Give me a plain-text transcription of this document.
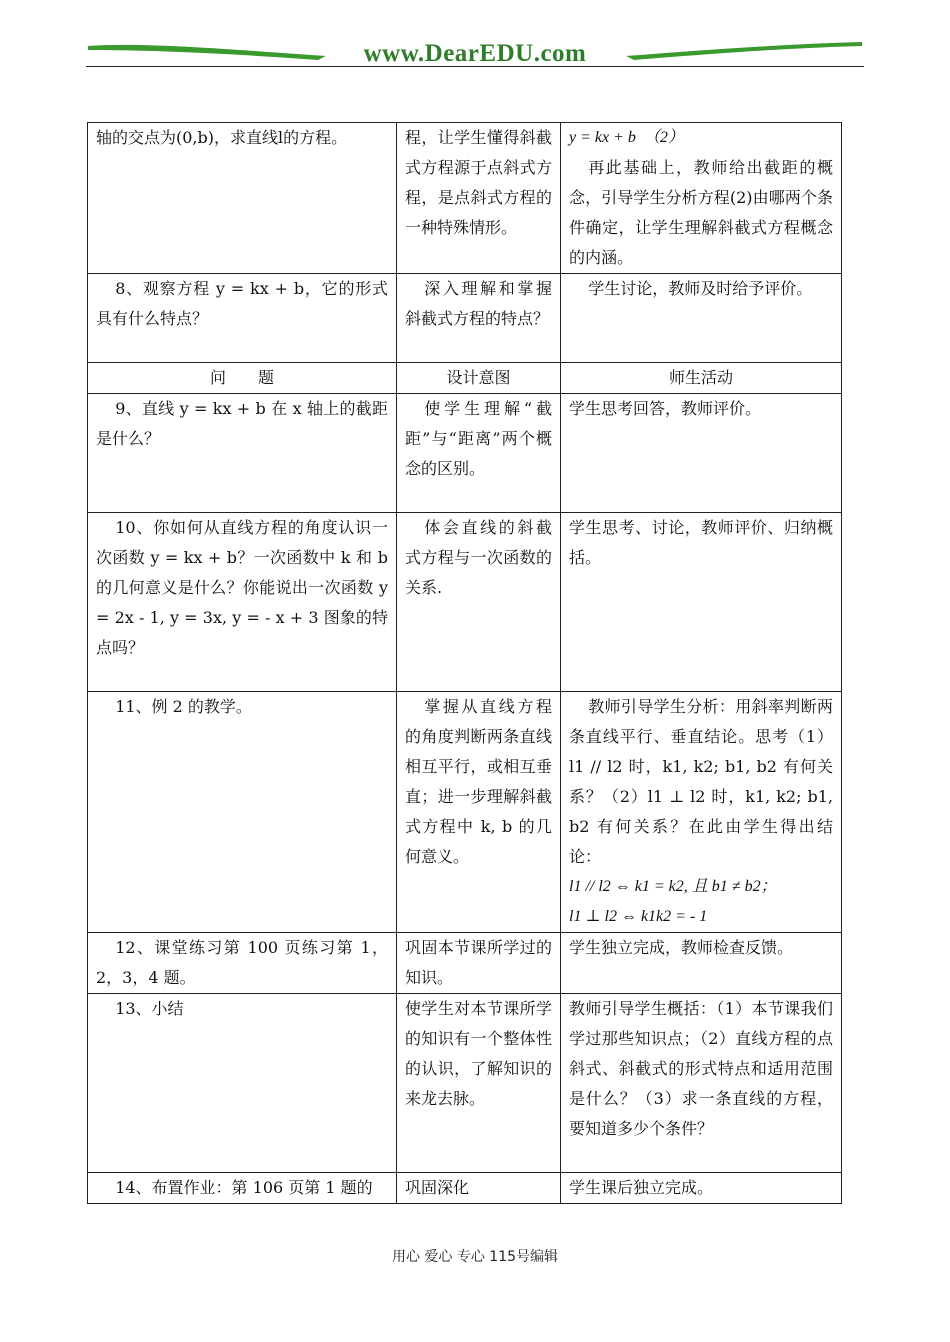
www.DearEDU.com
轴的交点为(0,b)，求直线l的方程。	程，让学生懂得斜截式方程源于点斜式方程，是点斜式方程的一种特殊情形。	y = kx + b　（2）
再此基础上，教师给出截距的概念，引导学生分析方程(2)由哪两个条件确定，让学生理解斜截式方程概念的内涵。

8、观察方程 y = kx + b，它的形式具有什么特点？	深入理解和掌握斜截式方程的特点？	学生讨论，教师及时给予评价。
问　　题	设计意图	师生活动
9、直线 y = kx + b 在 x 轴上的截距是什么？	使学生理解“截距”与“距离”两个概念的区别。	学生思考回答，教师评价。
10、你如何从直线方程的角度认识一次函数 y = kx + b？一次函数中 k 和 b 的几何意义是什么？你能说出一次函数 y = 2x - 1, y = 3x, y = - x + 3 图象的特点吗？	体会直线的斜截式方程与一次函数的关系.	学生思考、讨论，教师评价、归纳概括。
11、例 2 的教学。	掌握从直线方程的角度判断两条直线相互平行，或相互垂直；进一步理解斜截式方程中 k, b 的几何意义。	教师引导学生分析：用斜率判断两条直线平行、垂直结论。思考（1）l1 // l2 时，k1, k2; b1, b2 有何关系？（2）l1 ⊥ l2 时，k1, k2; b1, b2 有何关系？在此由学生得出结论：
l1 // l2 ⇔ k1 = k2, 且 b1 ≠ b2；
l1 ⊥ l2 ⇔ k1k2 = - 1

12、课堂练习第 100 页练习第 1，2，3，4 题。	巩固本节课所学过的知识。	学生独立完成，教师检查反馈。
13、小结	使学生对本节课所学的知识有一个整体性的认识，了解知识的来龙去脉。	教师引导学生概括：（1）本节课我们学过那些知识点；（2）直线方程的点斜式、斜截式的形式特点和适用范围是什么？（3）求一条直线的方程，要知道多少个条件？
14、布置作业：第 106 页第 1 题的	巩固深化	学生课后独立完成。
用心 爱心 专心 115号编辑
